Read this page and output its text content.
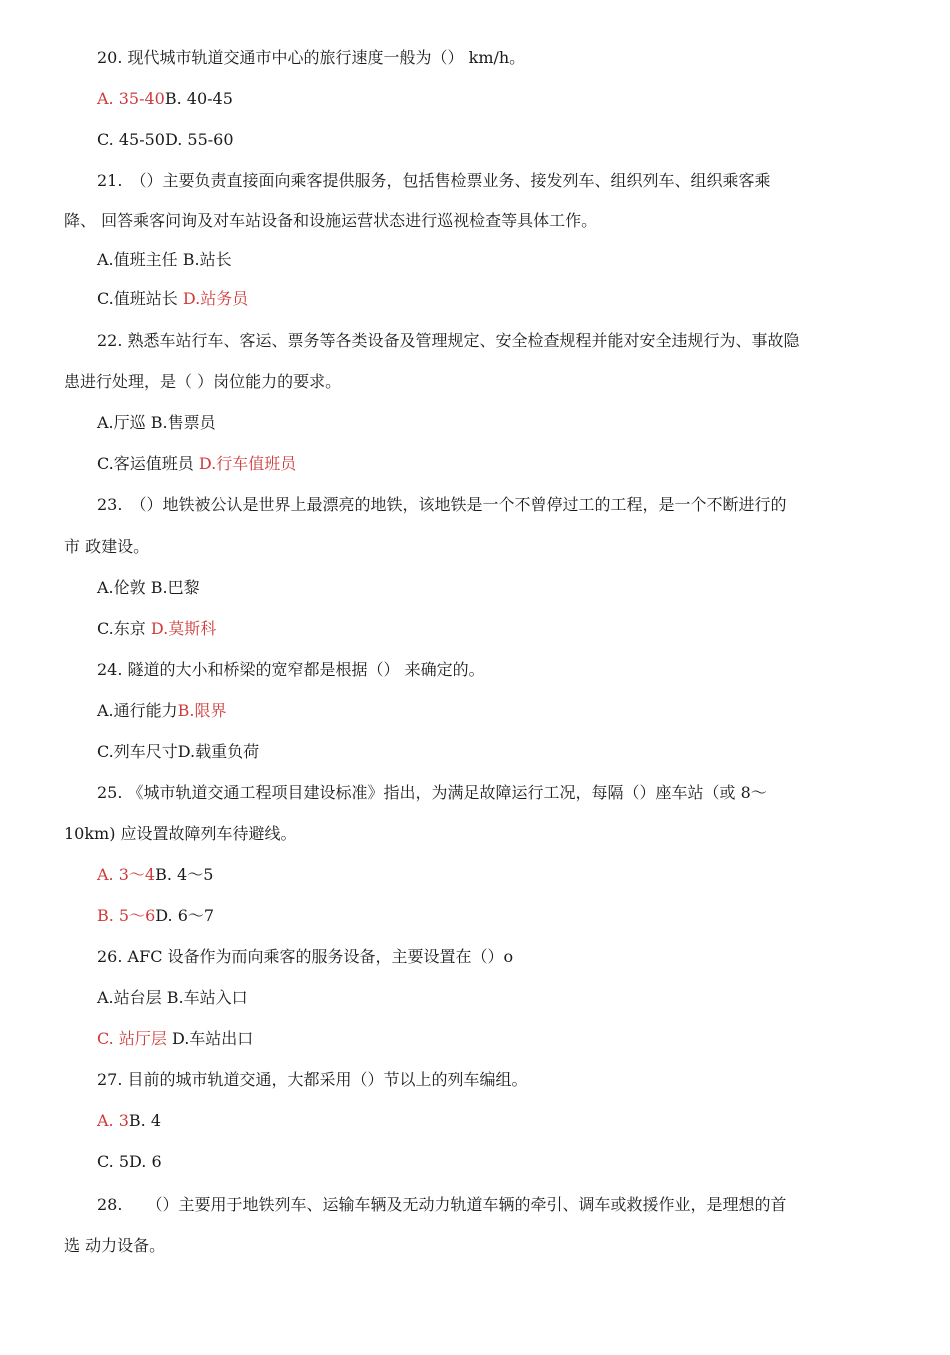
20. 现代城市轨道交通市中心的旅行速度一般为（） km/h。
A. 35-40B. 40-45
C. 45-50D. 55-60
21.　（）主要负责直接面向乘客提供服务，包括售检票业务、接发列车、组织列车、组织乘客乘
降、 回答乘客问询及对车站设备和设施运营状态进行巡视检查等具体工作。
A.值班主任 B.站长
C.值班站长 D.站务员
22. 熟悉车站行车、客运、票务等各类设备及管理规定、安全检查规程并能对安全违规行为、事故隐
患进行处理，是（ ）岗位能力的要求。
A.厅巡 B.售票员
C.客运值班员 D.行车值班员
23.　（）地铁被公认是世界上最漂亮的地铁，该地铁是一个不曾停过工的工程，是一个不断进行的
市 政建设。
A.伦敦 B.巴黎
C.东京 D.莫斯科
24. 隧道的大小和桥梁的宽窄都是根据（） 来确定的。
A.通行能力B.限界
C.列车尺寸D.载重负荷
25. 《城市轨道交通工程项目建设标准》指出，为满足故障运行工况，每隔（）座车站（或 8～
10km) 应设置故障列车待避线。
A. 3～4B. 4～5
B. 5～6D. 6～7
26. AFC 设备作为而向乘客的服务设备，主要设置在（）o
A.站台层 B.车站入口
C. 站厅层 D.车站出口
27. 目前的城市轨道交通，大都采用（）节以上的列车编组。
A. 3B. 4
C. 5D. 6
28.　　（）主要用于地铁列车、运输车辆及无动力轨道车辆的牵引、调车或救援作业，是理想的首
选 动力设备。
